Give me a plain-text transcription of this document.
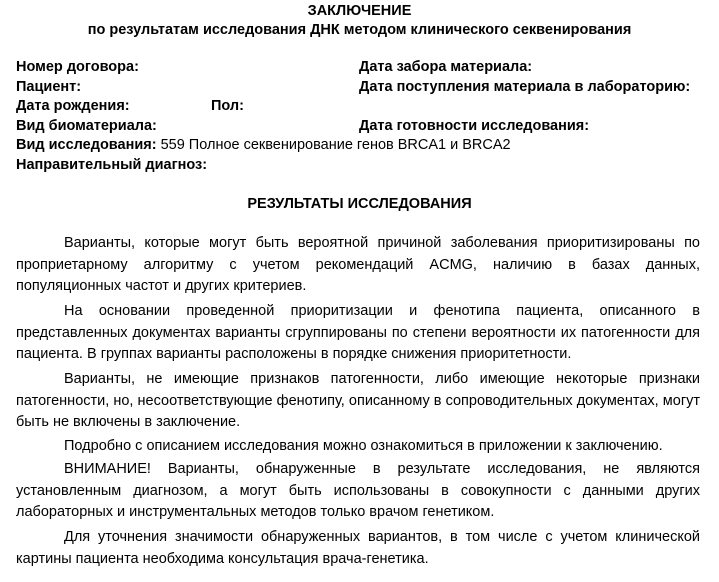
ЗАКЛЮЧЕНИЕ
по результатам исследования ДНК методом клинического секвенирования
Номер договора:
Пациент:
Дата рождения:	Пол:
Вид биоматериала:
Вид исследования: 559 Полное секвенирование генов BRCA1 и BRCA2
Направительный диагноз:
Дата забора материала:
Дата поступления материала в лабораторию:
Дата готовности исследования:
РЕЗУЛЬТАТЫ ИССЛЕДОВАНИЯ

Варианты, которые могут быть вероятной причиной заболевания приоритизированы по проприетарному алгоритму с учетом рекомендаций ACMG, наличию в базах данных, популяционных частот и других критериев.

На основании проведенной приоритизации и фенотипа пациента, описанного в представленных документах варианты сгруппированы по степени вероятности их патогенности для пациента. В группах варианты расположены в порядке снижения приоритетности.

Варианты, не имеющие признаков патогенности, либо имеющие некоторые признаки патогенности, но, несоответствующие фенотипу, описанному в сопроводительных документах, могут быть не включены в заключение.

Подробно с описанием исследования можно ознакомиться в приложении к заключению.

ВНИМАНИЕ! Варианты, обнаруженные в результате исследования, не являются установленным диагнозом, а могут быть использованы в совокупности с данными других лабораторных и инструментальных методов только врачом генетиком.

Для уточнения значимости обнаруженных вариантов, в том числе с учетом клинической картины пациента необходима консультация врача-генетика.
